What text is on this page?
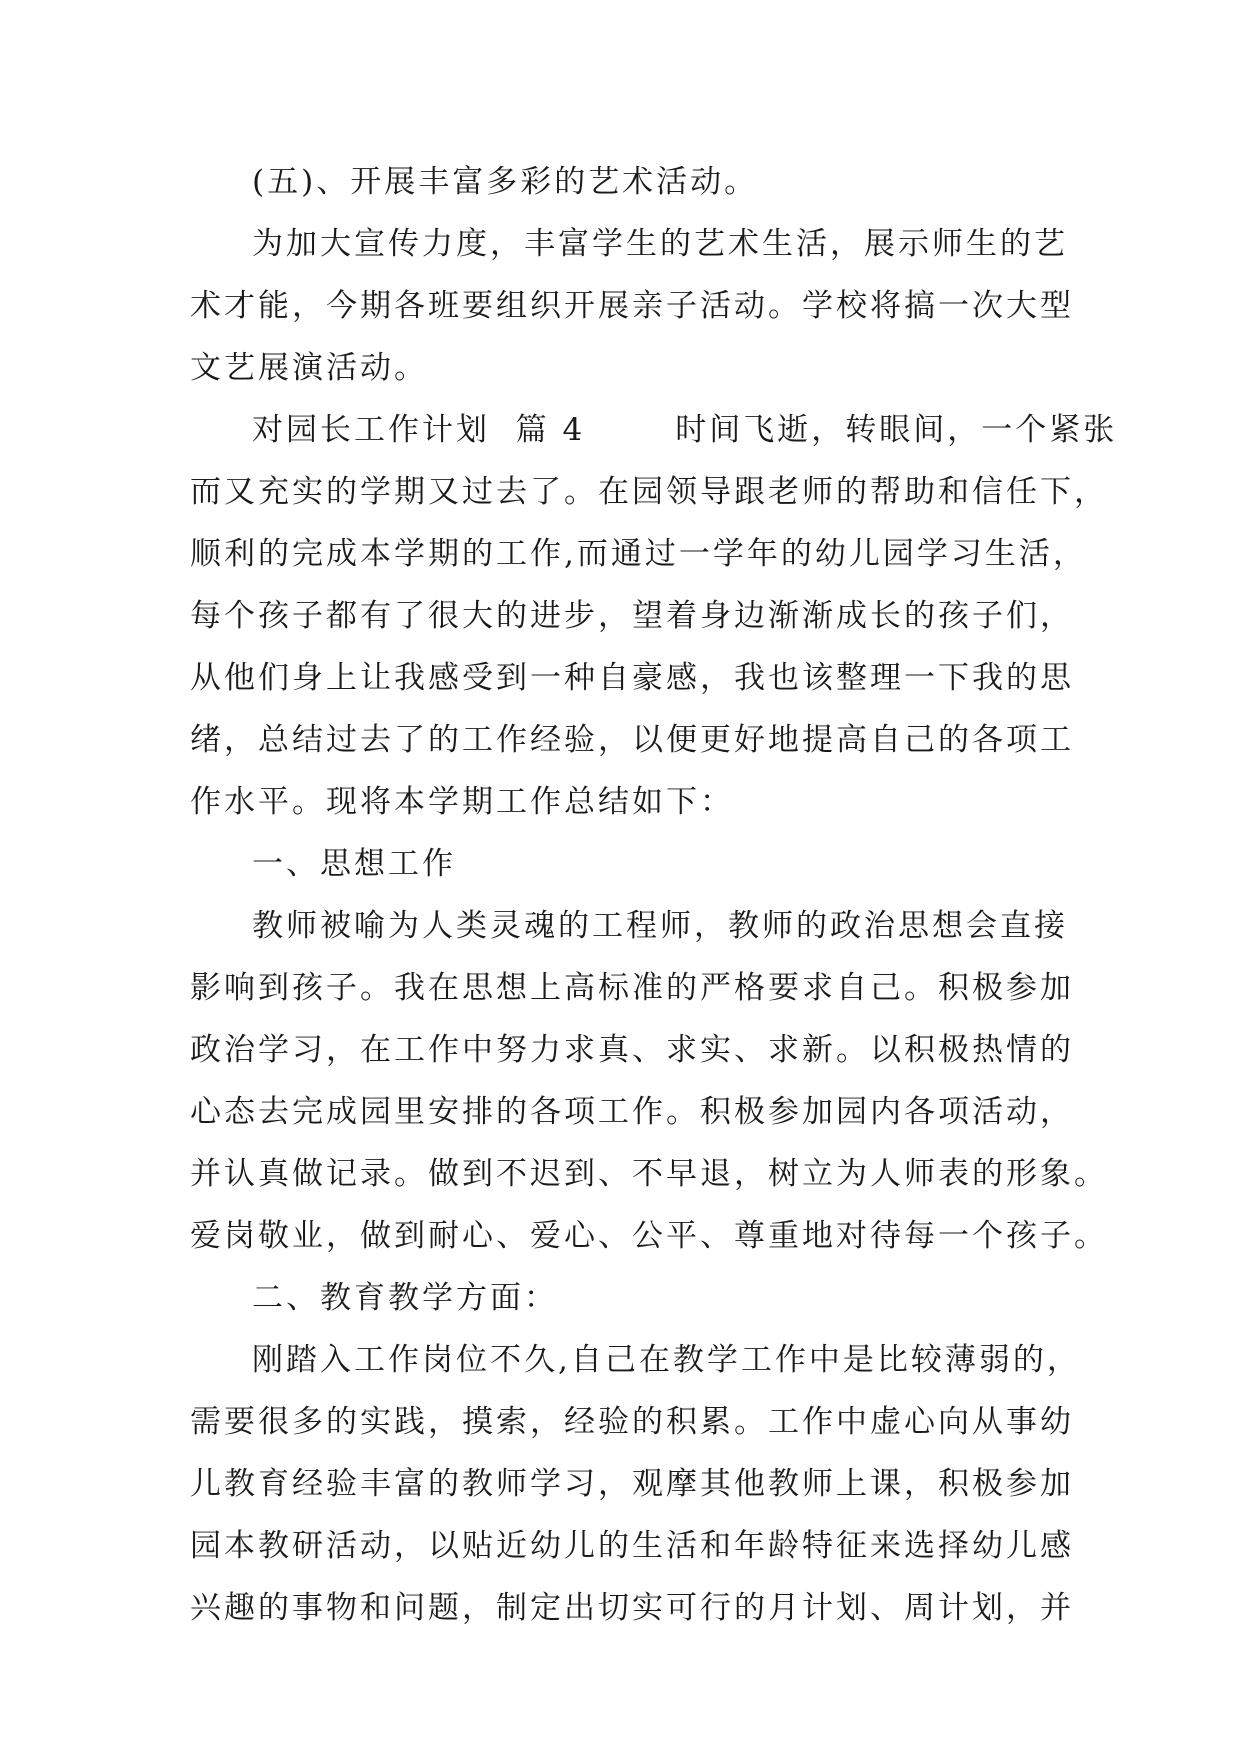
(五)、开展丰富多彩的艺术活动。
为加大宣传力度，丰富学生的艺术生活，展示师生的艺
术才能，今期各班要组织开展亲子活动。学校将搞一次大型
文艺展演活动。
对园长工作计划  篇 4       时间飞逝，转眼间，一个紧张
而又充实的学期又过去了。在园领导跟老师的帮助和信任下，
顺利的完成本学期的工作,而通过一学年的幼儿园学习生活，
每个孩子都有了很大的进步，望着身边渐渐成长的孩子们，
从他们身上让我感受到一种自豪感，我也该整理一下我的思
绪，总结过去了的工作经验，以便更好地提高自己的各项工
作水平。现将本学期工作总结如下：
一、思想工作
教师被喻为人类灵魂的工程师，教师的政治思想会直接
影响到孩子。我在思想上高标准的严格要求自己。积极参加
政治学习，在工作中努力求真、求实、求新。以积极热情的
心态去完成园里安排的各项工作。积极参加园内各项活动，
并认真做记录。做到不迟到、不早退，树立为人师表的形象。
爱岗敬业，做到耐心、爱心、公平、尊重地对待每一个孩子。
二、教育教学方面：
刚踏入工作岗位不久,自己在教学工作中是比较薄弱的，
需要很多的实践，摸索，经验的积累。工作中虚心向从事幼
儿教育经验丰富的教师学习，观摩其他教师上课，积极参加
园本教研活动，以贴近幼儿的生活和年龄特征来选择幼儿感
兴趣的事物和问题，制定出切实可行的月计划、周计划，并
